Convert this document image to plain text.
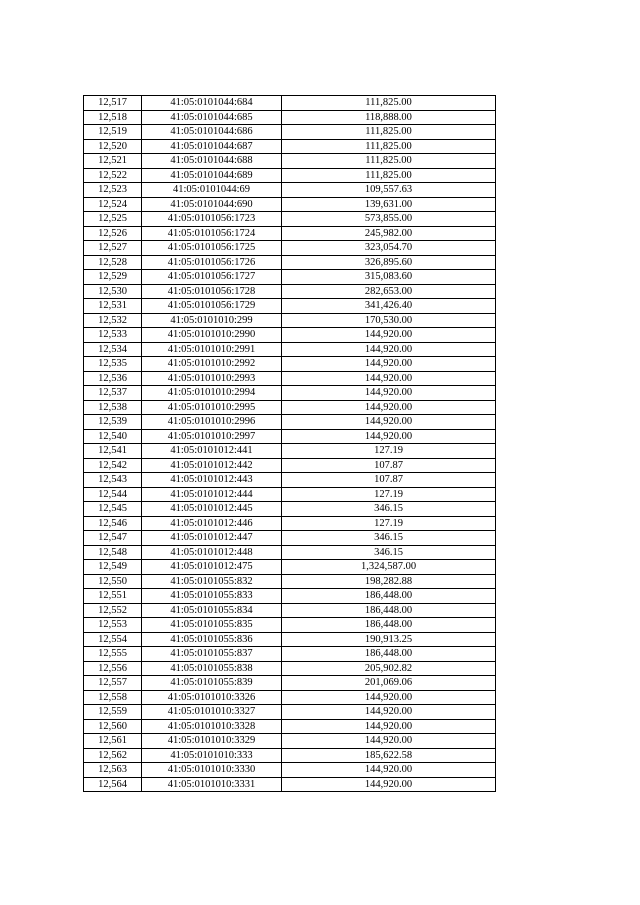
12,517	41:05:0101044:684	111,825.00
12,518	41:05:0101044:685	118,888.00
12,519	41:05:0101044:686	111,825.00
12,520	41:05:0101044:687	111,825.00
12,521	41:05:0101044:688	111,825.00
12,522	41:05:0101044:689	111,825.00
12,523	41:05:0101044:69	109,557.63
12,524	41:05:0101044:690	139,631.00
12,525	41:05:0101056:1723	573,855.00
12,526	41:05:0101056:1724	245,982.00
12,527	41:05:0101056:1725	323,054.70
12,528	41:05:0101056:1726	326,895.60
12,529	41:05:0101056:1727	315,083.60
12,530	41:05:0101056:1728	282,653.00
12,531	41:05:0101056:1729	341,426.40
12,532	41:05:0101010:299	170,530.00
12,533	41:05:0101010:2990	144,920.00
12,534	41:05:0101010:2991	144,920.00
12,535	41:05:0101010:2992	144,920.00
12,536	41:05:0101010:2993	144,920.00
12,537	41:05:0101010:2994	144,920.00
12,538	41:05:0101010:2995	144,920.00
12,539	41:05:0101010:2996	144,920.00
12,540	41:05:0101010:2997	144,920.00
12,541	41:05:0101012:441	127.19
12,542	41:05:0101012:442	107.87
12,543	41:05:0101012:443	107.87
12,544	41:05:0101012:444	127.19
12,545	41:05:0101012:445	346.15
12,546	41:05:0101012:446	127.19
12,547	41:05:0101012:447	346.15
12,548	41:05:0101012:448	346.15
12,549	41:05:0101012:475	1,324,587.00
12,550	41:05:0101055:832	198,282.88
12,551	41:05:0101055:833	186,448.00
12,552	41:05:0101055:834	186,448.00
12,553	41:05:0101055:835	186,448.00
12,554	41:05:0101055:836	190,913.25
12,555	41:05:0101055:837	186,448.00
12,556	41:05:0101055:838	205,902.82
12,557	41:05:0101055:839	201,069.06
12,558	41:05:0101010:3326	144,920.00
12,559	41:05:0101010:3327	144,920.00
12,560	41:05:0101010:3328	144,920.00
12,561	41:05:0101010:3329	144,920.00
12,562	41:05:0101010:333	185,622.58
12,563	41:05:0101010:3330	144,920.00
12,564	41:05:0101010:3331	144,920.00
